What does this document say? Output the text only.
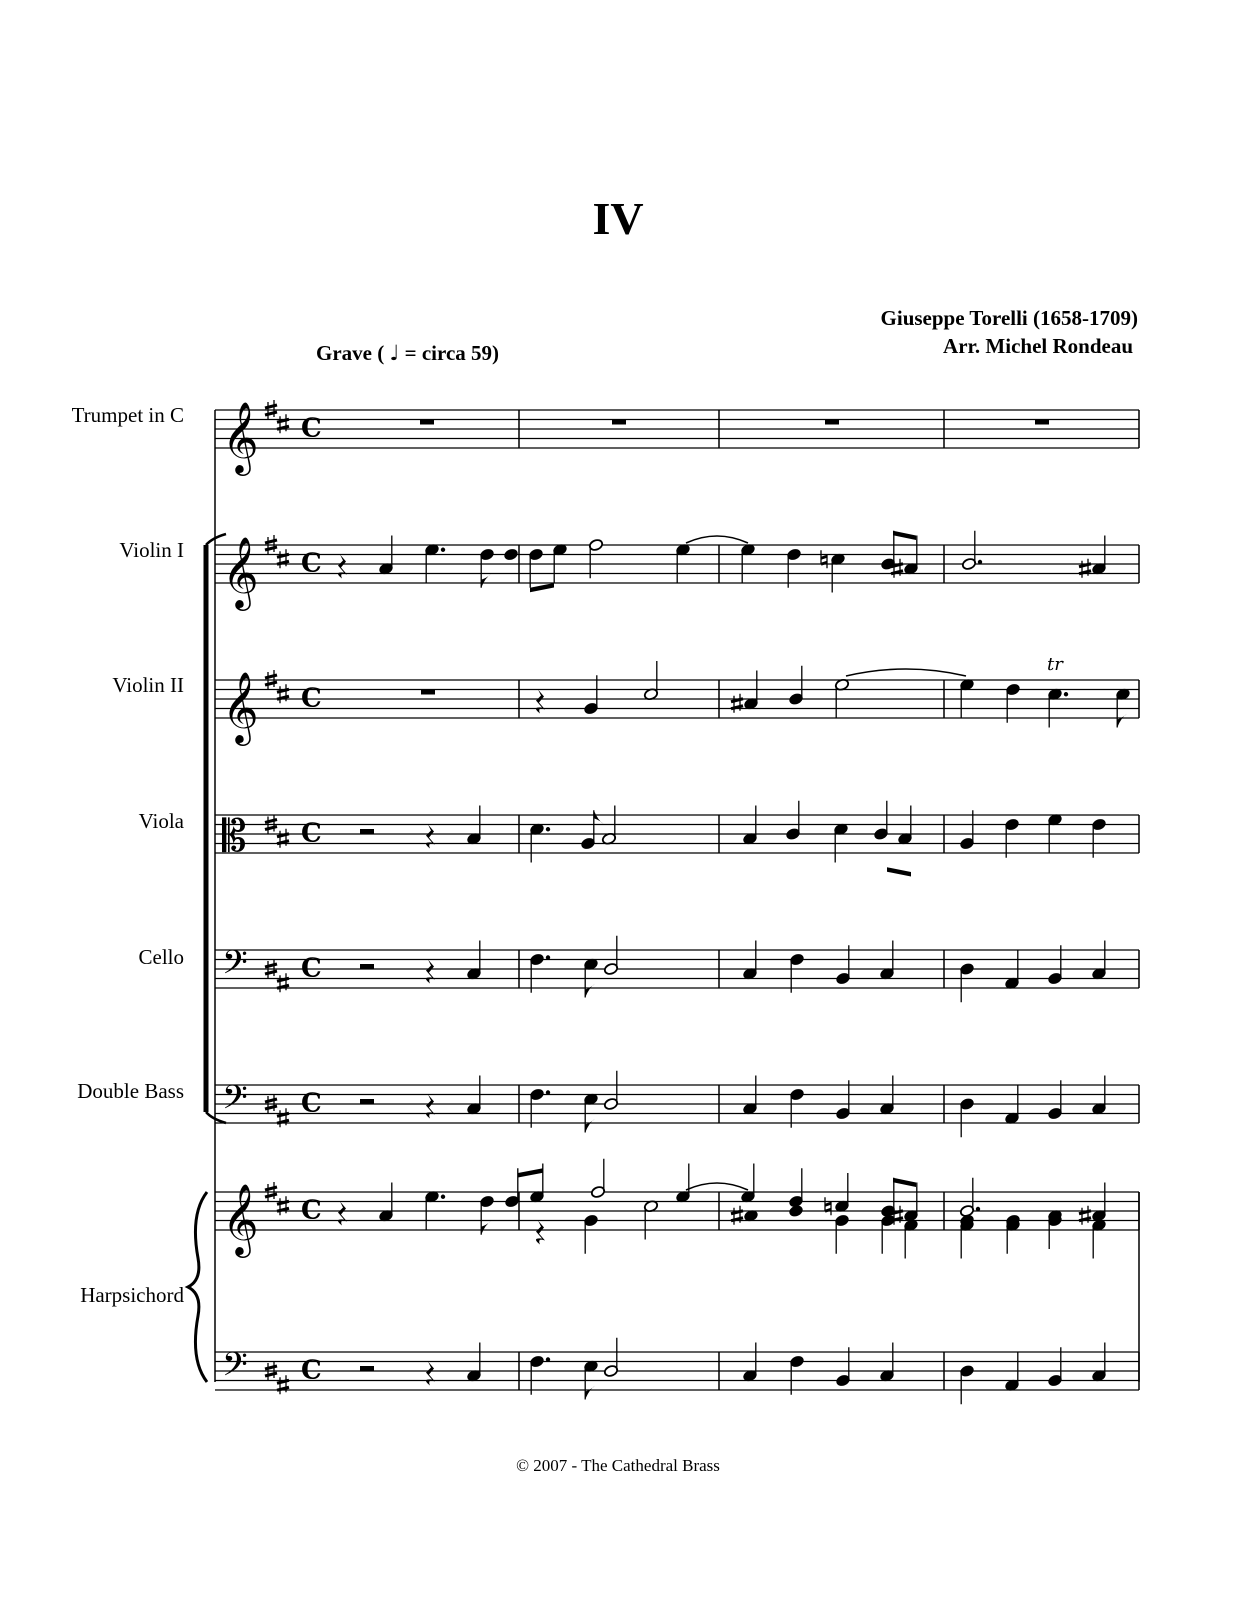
IV
Giuseppe Torelli (1658-1709)
Arr. Michel Rondeau
Grave ( ♩ = circa 59)
Trumpet in C
Violin I
Violin II
Viola
Cello
Double Bass
Harpsichord
𝄞 C
𝄞 C
𝄞 C
tr
𝄡 C
𝄢 C
𝄢 C
𝄞 C
𝄢 C
© 2007 - The Cathedral Brass
